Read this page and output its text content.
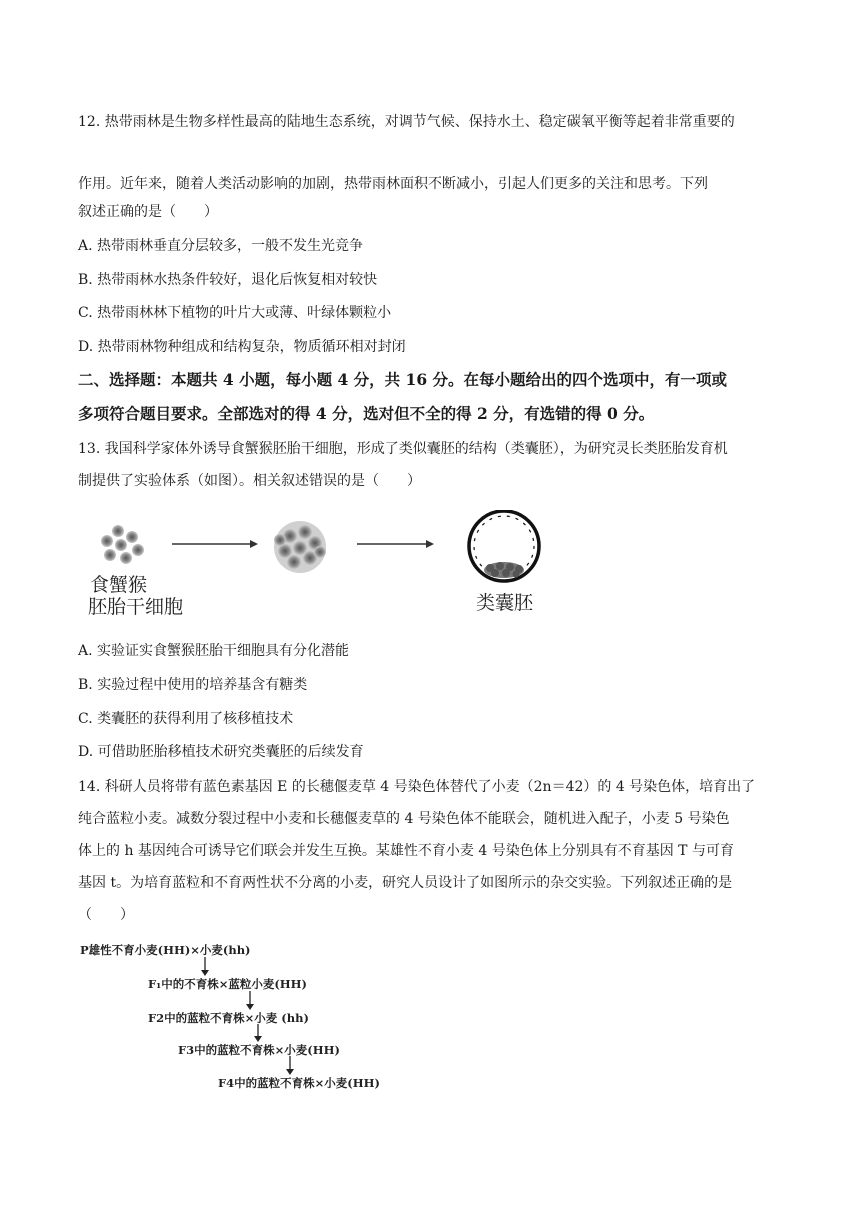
12. 热带雨林是生物多样性最高的陆地生态系统，对调节气候、保持水土、稳定碳氧平衡等起着非常重要的
作用。近年来，随着人类活动影响的加剧，热带雨林面积不断减小，引起人们更多的关注和思考。下列
叙述正确的是（　　）
A. 热带雨林垂直分层较多，一般不发生光竞争
B. 热带雨林水热条件较好，退化后恢复相对较快
C. 热带雨林林下植物的叶片大或薄、叶绿体颗粒小
D. 热带雨林物种组成和结构复杂，物质循环相对封闭
二、选择题：本题共 4 小题，每小题 4 分，共 16 分。在每小题给出的四个选项中，有一项或
多项符合题目要求。全部选对的得 4 分，选对但不全的得 2 分，有选错的得 0 分。
13. 我国科学家体外诱导食蟹猴胚胎干细胞，形成了类似囊胚的结构（类囊胚），为研究灵长类胚胎发育机
制提供了实验体系（如图）。相关叙述错误的是（　　）
食蟹猴
胚胎干细胞	类囊胚
A. 实验证实食蟹猴胚胎干细胞具有分化潜能
B. 实验过程中使用的培养基含有糖类
C. 类囊胚的获得利用了核移植技术
D. 可借助胚胎移植技术研究类囊胚的后续发育
14. 科研人员将带有蓝色素基因 E 的长穗偃麦草 4 号染色体替代了小麦（2n＝42）的 4 号染色体，培育出了
纯合蓝粒小麦。减数分裂过程中小麦和长穗偃麦草的 4 号染色体不能联会，随机进入配子，小麦 5 号染色
体上的 h 基因纯合可诱导它们联会并发生互换。某雄性不育小麦 4 号染色体上分别具有不育基因 T 与可育
基因 t。为培育蓝粒和不育两性状不分离的小麦，研究人员设计了如图所示的杂交实验。下列叙述正确的是
（　　）
P雄性不育小麦(HH)×小麦(hh)
F₁中的不育株×蓝粒小麦(HH)
F2中的蓝粒不育株×小麦 (hh)
F3中的蓝粒不育株×小麦(HH)
F4中的蓝粒不育株×小麦(HH)
